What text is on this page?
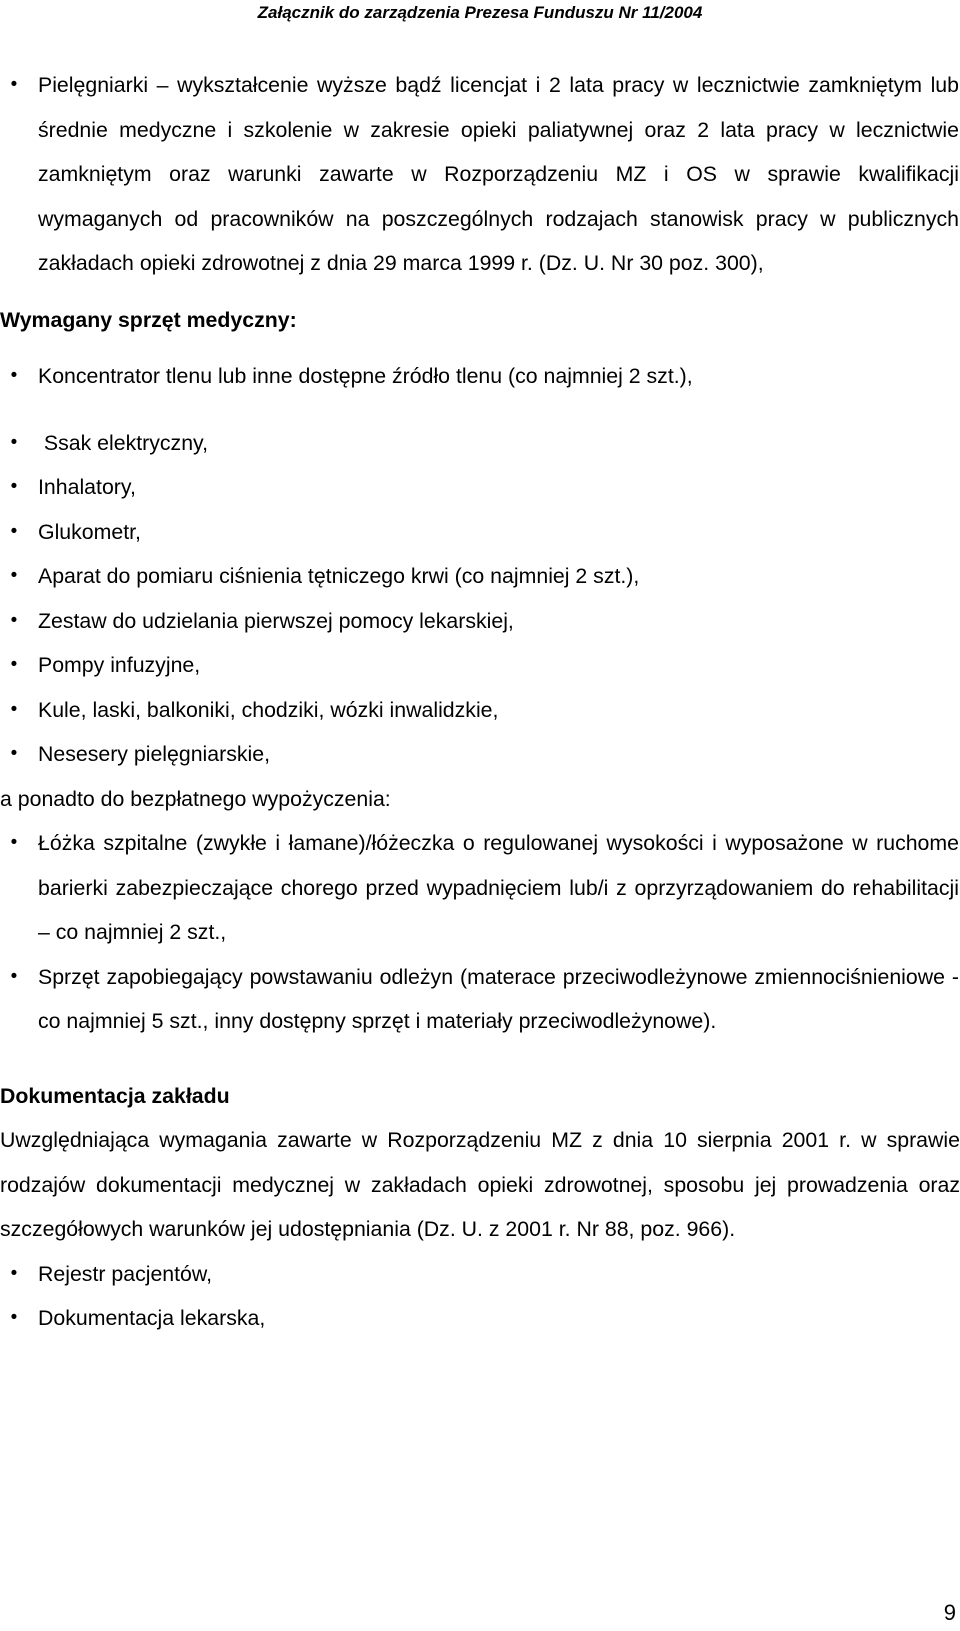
Załącznik do zarządzenia Prezesa Funduszu Nr 11/2004
•
Pielęgniarki – wykształcenie wyższe bądź licencjat i 2 lata pracy w lecznictwie zamkniętym lub średnie medyczne i szkolenie w zakresie opieki paliatywnej oraz 2 lata pracy w lecznictwie zamkniętym oraz warunki zawarte w Rozporządzeniu MZ i OS w sprawie kwalifikacji wymaganych od pracowników na poszczególnych rodzajach stanowisk pracy w publicznych zakładach opieki zdrowotnej z dnia 29 marca 1999 r. (Dz. U. Nr 30 poz. 300),

Wymagany sprzęt medyczny:

•
Koncentrator tlenu lub inne dostępne źródło tlenu (co najmniej 2 szt.),
•
Ssak elektryczny,
•
Inhalatory,
•
Glukometr,
•
Aparat do pomiaru ciśnienia tętniczego krwi (co najmniej 2 szt.),
•
Zestaw do udzielania pierwszej pomocy lekarskiej,
•
Pompy infuzyjne,
•
Kule, laski, balkoniki, chodziki, wózki inwalidzkie,
•
Nesesery pielęgniarskie,

a ponadto do bezpłatnego wypożyczenia:

•
Łóżka szpitalne (zwykłe i łamane)/łóżeczka o regulowanej wysokości i wyposażone w ruchome barierki zabezpieczające chorego przed wypadnięciem lub/i z oprzyrządowaniem do rehabilitacji – co najmniej 2 szt.,
•
Sprzęt zapobiegający powstawaniu odleżyn (materace przeciwodleżynowe zmiennociśnieniowe - co najmniej 5 szt., inny dostępny sprzęt i materiały przeciwodleżynowe).

Dokumentacja zakładu

Uwzględniająca wymagania zawarte w Rozporządzeniu MZ z dnia 10 sierpnia 2001 r. w sprawie rodzajów dokumentacji medycznej w zakładach opieki zdrowotnej, sposobu jej prowadzenia oraz szczegółowych warunków jej udostępniania (Dz. U. z 2001 r. Nr 88, poz. 966).

•
Rejestr pacjentów,
•
Dokumentacja lekarska,
9
